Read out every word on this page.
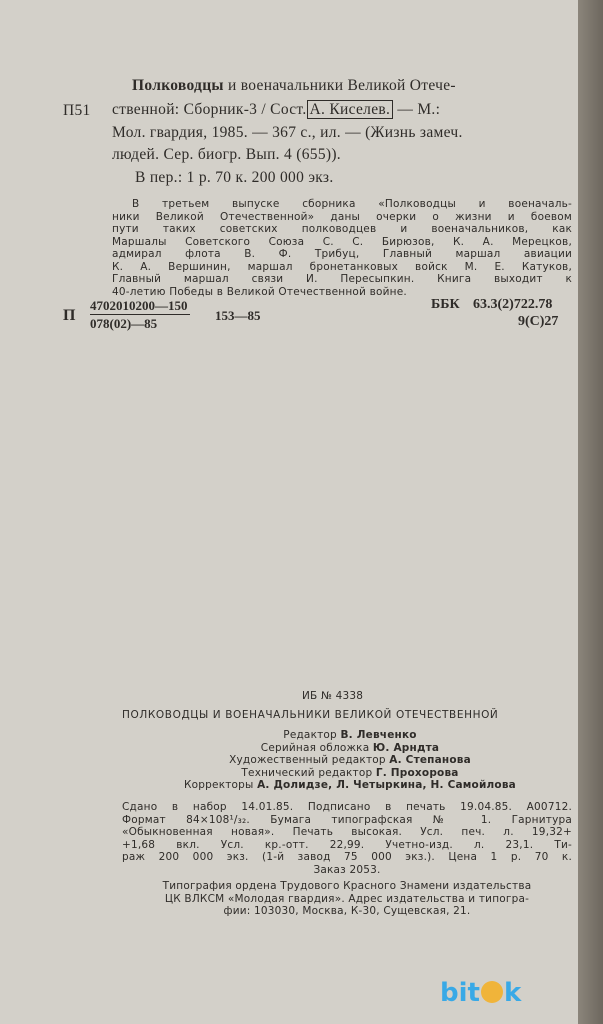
П51
Полководцы и военачальники Великой Отече-
ственной: Сборник-3 / Сост. А. Киселев. — М.:
Мол. гвардия, 1985. — 367 с., ил. — (Жизнь замеч.
людей. Сер. биогр. Вып. 4 (655)).
В пер.: 1 р. 70 к. 200 000 экз.
В третьем выпуске сборника «Полководцы и военачаль-
ники Великой Отечественной» даны очерки о жизни и боевом
пути таких советских полководцев и военачальников, как
Маршалы Советского Союза С. С. Бирюзов, К. А. Мерецков,
адмирал флота В. Ф. Трибуц, Главный маршал авиации
К. А. Вершинин, маршал бронетанковых войск М. Е. Катуков,
Главный маршал связи И. Пересыпкин. Книга выходит к
40-летию Победы в Великой Отечественной войне.
П $\frac{4702010200—150}{078(02)—85}$ 153—85
ББК 63.3(2)722.78
9(С)27
ИБ № 4338
ПОЛКОВОДЦЫ И ВОЕНАЧАЛЬНИКИ ВЕЛИКОЙ ОТЕЧЕСТВЕННОЙ
Редактор В. Левченко
Серийная обложка Ю. Арндта
Художественный редактор А. Степанова
Технический редактор Г. Прохорова
Корректоры А. Долидзе, Л. Четыркина, Н. Самойлова
Сдано в набор 14.01.85. Подписано в печать 19.04.85. А00712.
Формат 84×108¹/₃₂. Бумага типографская № 1. Гарнитура
«Обыкновенная новая». Печать высокая. Усл. печ. л. 19,32+
+1,68 вкл. Усл. кр.-отт. 22,99. Учетно-изд. л. 23,1. Ти-
раж 200 000 экз. (1-й завод 75 000 экз.). Цена 1 р. 70 к.
Заказ 2053.
Типография ордена Трудового Красного Знамени издательства
ЦК ВЛКСМ «Молодая гвардия». Адрес издательства и типогра-
фии: 103030, Москва, К-30, Сущевская, 21.
bit k
